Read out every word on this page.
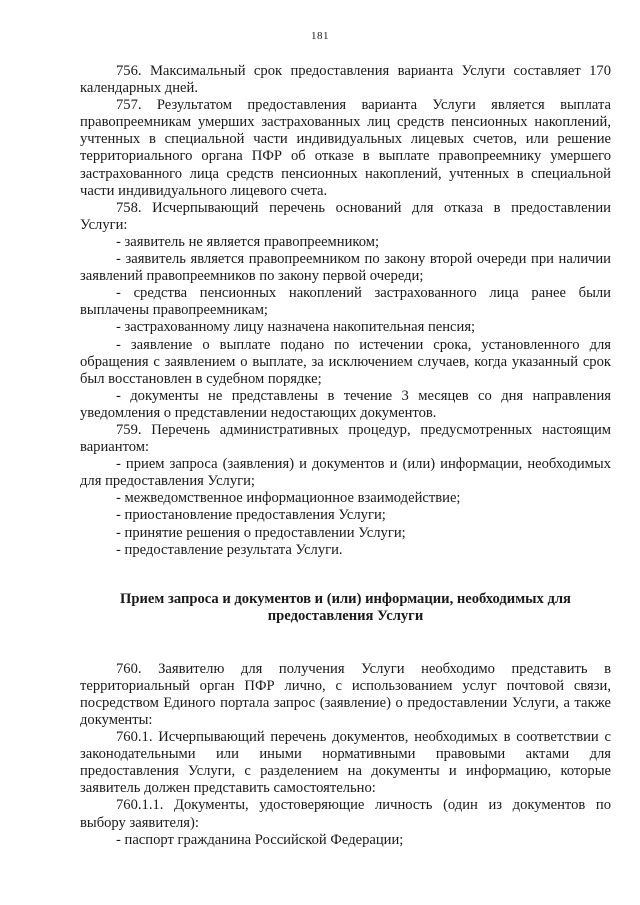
181

756. Максимальный срок предоставления варианта Услуги составляет 170 календарных дней.

757. Результатом предоставления варианта Услуги является выплата правопреемникам умерших застрахованных лиц средств пенсионных накоплений, учтенных в специальной части индивидуальных лицевых счетов, или решение территориального органа ПФР об отказе в выплате правопреемнику умершего застрахованного лица средств пенсионных накоплений, учтенных в специальной части индивидуального лицевого счета.

758. Исчерпывающий перечень оснований для отказа в предоставлении Услуги:

- заявитель не является правопреемником;

- заявитель является правопреемником по закону второй очереди при наличии заявлений правопреемников по закону первой очереди;

- средства пенсионных накоплений застрахованного лица ранее были выплачены правопреемникам;

- застрахованному лицу назначена накопительная пенсия;

- заявление о выплате подано по истечении срока, установленного для обращения с заявлением о выплате, за исключением случаев, когда указанный срок был восстановлен в судебном порядке;

- документы не представлены в течение 3 месяцев со дня направления уведомления о представлении недостающих документов.

759. Перечень административных процедур, предусмотренных настоящим вариантом:

- прием запроса (заявления) и документов и (или) информации, необходимых для предоставления Услуги;

- межведомственное информационное взаимодействие;

- приостановление предоставления Услуги;

- принятие решения о предоставлении Услуги;

- предоставление результата Услуги.

Прием запроса и документов и (или) информации, необходимых для предоставления Услуги

760. Заявителю для получения Услуги необходимо представить в территориальный орган ПФР лично, с использованием услуг почтовой связи, посредством Единого портала запрос (заявление) о предоставлении Услуги, а также документы:

760.1. Исчерпывающий перечень документов, необходимых в соответствии с законодательными или иными нормативными правовыми актами для предоставления Услуги, с разделением на документы и информацию, которые заявитель должен представить самостоятельно:

760.1.1. Документы, удостоверяющие личность (один из документов по выбору заявителя):

- паспорт гражданина Российской Федерации;
